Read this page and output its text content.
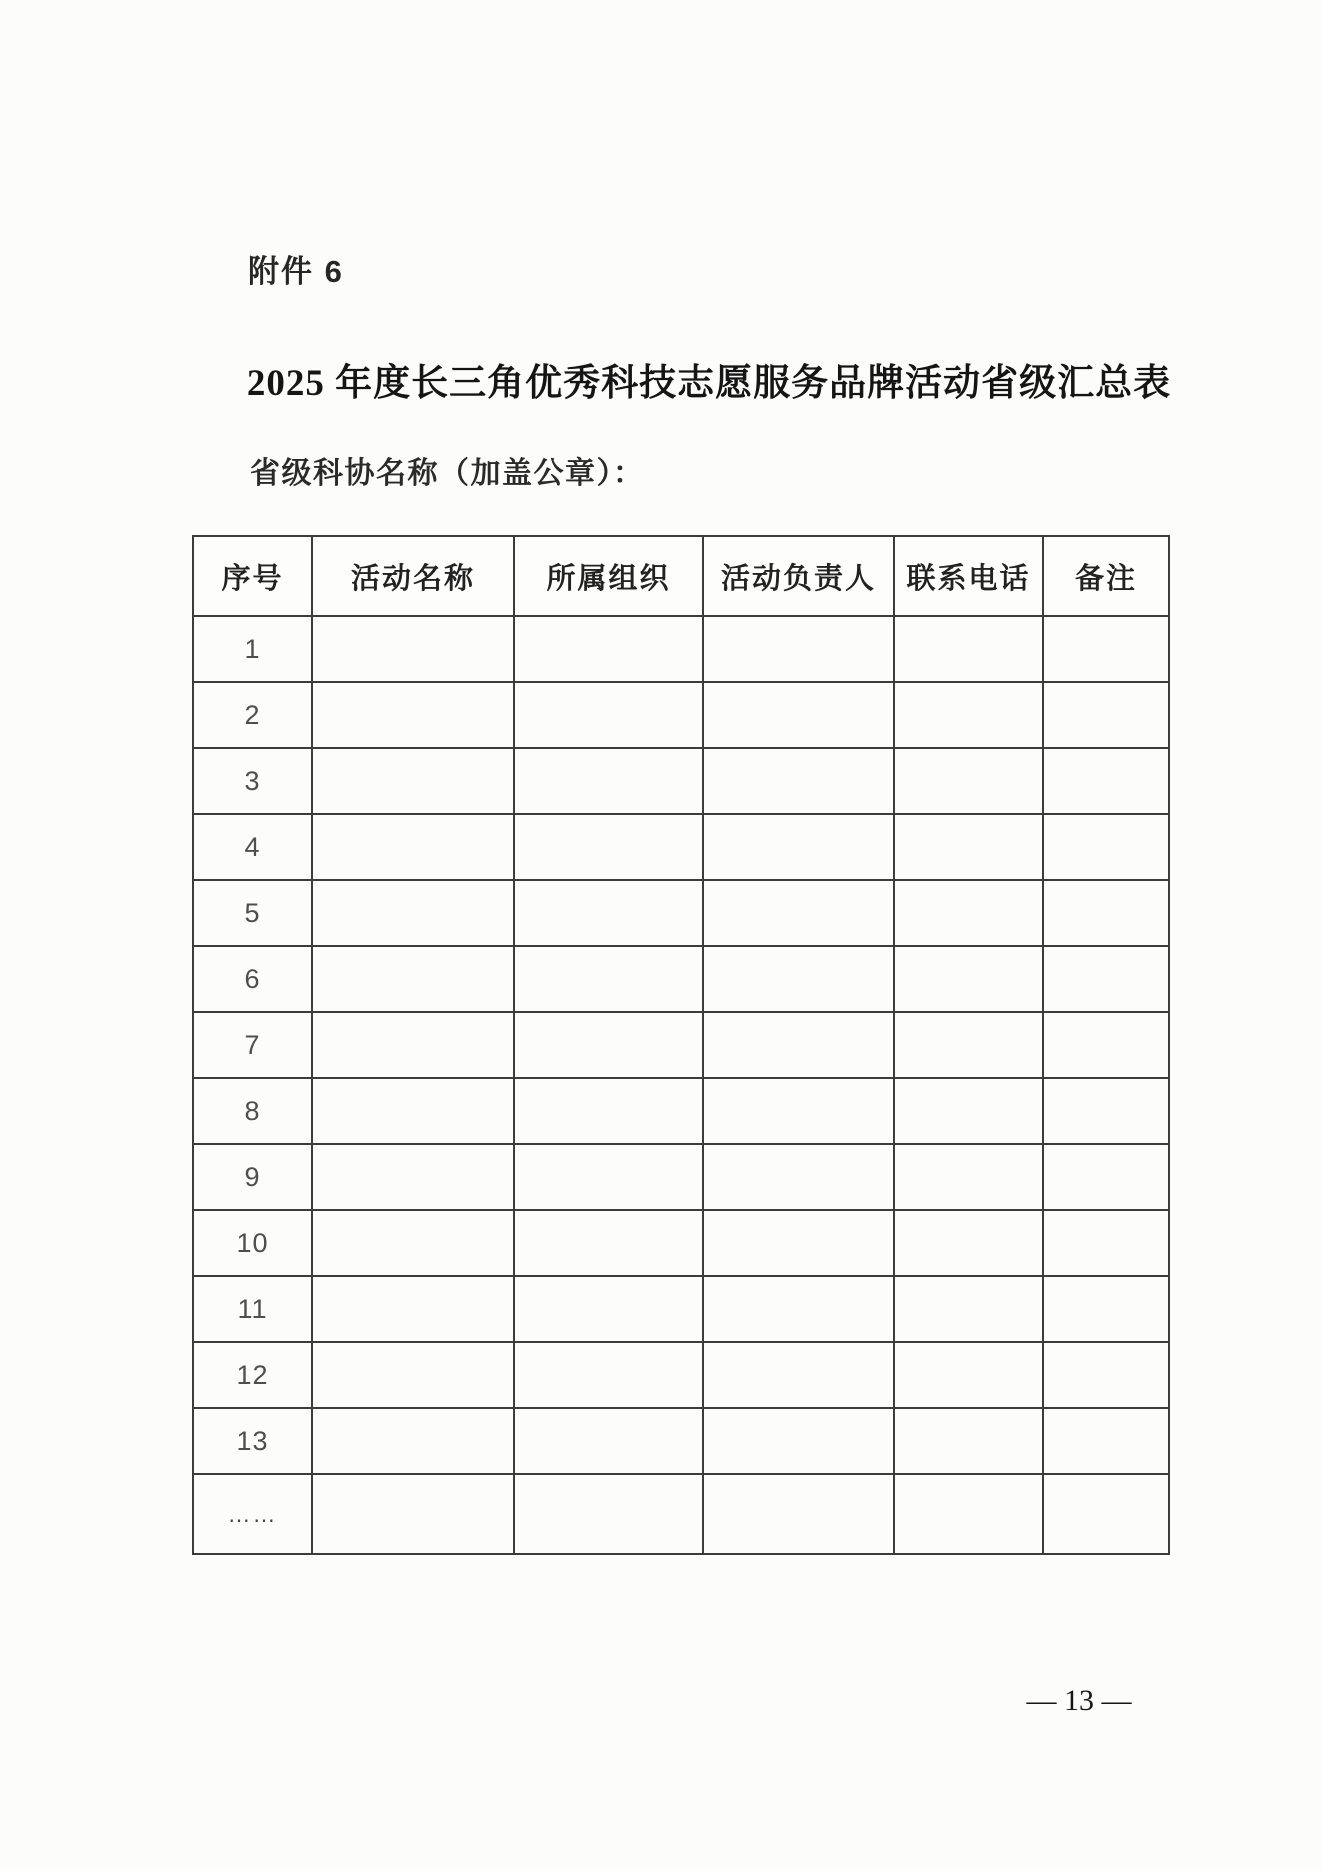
附件 6
2025 年度长三角优秀科技志愿服务品牌活动省级汇总表
省级科协名称（加盖公章）：
序号	活动名称	所属组织	活动负责人	联系电话	备注
1					
2					
3					
4					
5					
6					
7					
8					
9					
10					
11					
12					
13					
……					
— 13 —
